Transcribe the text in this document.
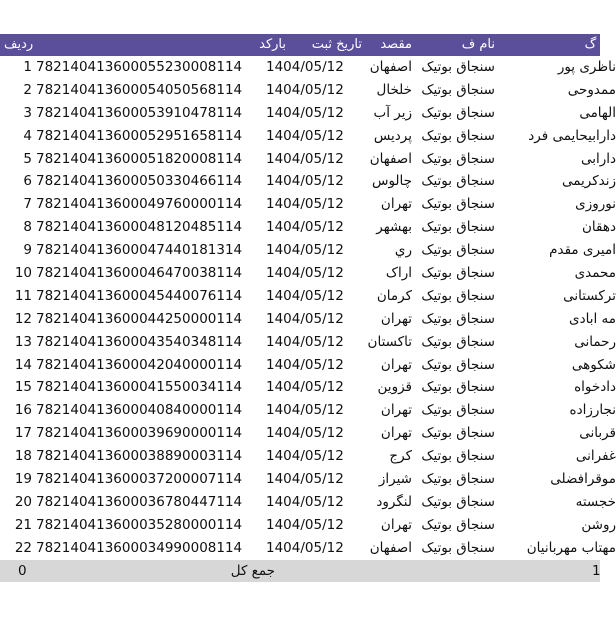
نام گ
نام ف
مقصد
تاریخ ثبت
بارکد
ردیف
ناظری پور
سنجاق بوتیک
اصفهان
1404/05/12
782140413600055230008114
1
ممدوحی
سنجاق بوتیک
خلخال
1404/05/12
782140413600054050568114
2
الهامی
سنجاق بوتیک
زیر آب
1404/05/12
782140413600053910478114
3
دارابیحایمی فرد
سنجاق بوتیک
پردیس
1404/05/12
782140413600052951658114
4
دارابی
سنجاق بوتیک
اصفهان
1404/05/12
782140413600051820008114
5
زندکریمی
سنجاق بوتیک
چالوس
1404/05/12
782140413600050330466114
6
نوروزی
سنجاق بوتیک
تهران
1404/05/12
782140413600049760000114
7
دهقان
سنجاق بوتیک
بهشهر
1404/05/12
782140413600048120485114
8
امیری مقدم
سنجاق بوتیک
ري
1404/05/12
782140413600047440181314
9
محمدی
سنجاق بوتیک
اراک
1404/05/12
782140413600046470038114
10
ترکستانی
سنجاق بوتیک
کرمان
1404/05/12
782140413600045440076114
11
مه ابادی
سنجاق بوتیک
تهران
1404/05/12
782140413600044250000114
12
رحمانی
سنجاق بوتیک
تاکستان
1404/05/12
782140413600043540348114
13
شکوهی
سنجاق بوتیک
تهران
1404/05/12
782140413600042040000114
14
دادخواه
سنجاق بوتیک
قزوین
1404/05/12
782140413600041550034114
15
نجارزاده
سنجاق بوتیک
تهران
1404/05/12
782140413600040840000114
16
قربانی
سنجاق بوتیک
تهران
1404/05/12
782140413600039690000114
17
غفرانی
سنجاق بوتیک
کرج
1404/05/12
782140413600038890003114
18
موقرافضلی
سنجاق بوتیک
شیراز
1404/05/12
782140413600037200007114
19
خجسته
سنجاق بوتیک
لنگرود
1404/05/12
782140413600036780447114
20
روشن
سنجاق بوتیک
تهران
1404/05/12
782140413600035280000114
21
مهتاب مهربانیان
سنجاق بوتیک
اصفهان
1404/05/12
782140413600034990008114
22
1
جمع کل
0
